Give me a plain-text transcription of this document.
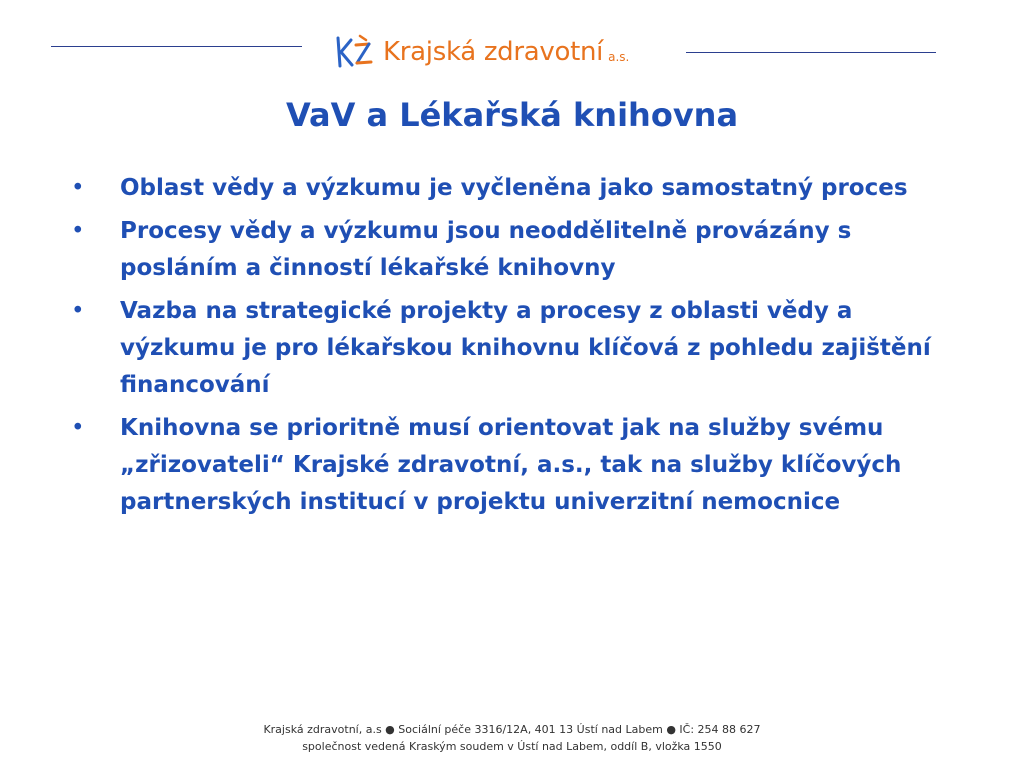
Krajská zdravotní a.s.
VaV a Lékařská knihovna
• Oblast vědy a výzkumu je vyčleněna jako samostatný proces
• Procesy vědy a výzkumu jsou neoddělitelně provázány s posláním a činností lékařské knihovny
• Vazba na strategické projekty a procesy z oblasti vědy a výzkumu je pro lékařskou knihovnu klíčová z pohledu zajištění financování
• Knihovna se prioritně musí orientovat jak na služby svému „zřizovateli“ Krajské zdravotní, a.s., tak na služby klíčových partnerských institucí v projektu univerzitní nemocnice
Krajská zdravotní, a.s ● Sociální péče 3316/12A, 401 13 Ústí nad Labem ● IČ: 254 88 627
společnost vedená Kraským soudem v Ústí nad Labem, oddíl B, vložka 1550
